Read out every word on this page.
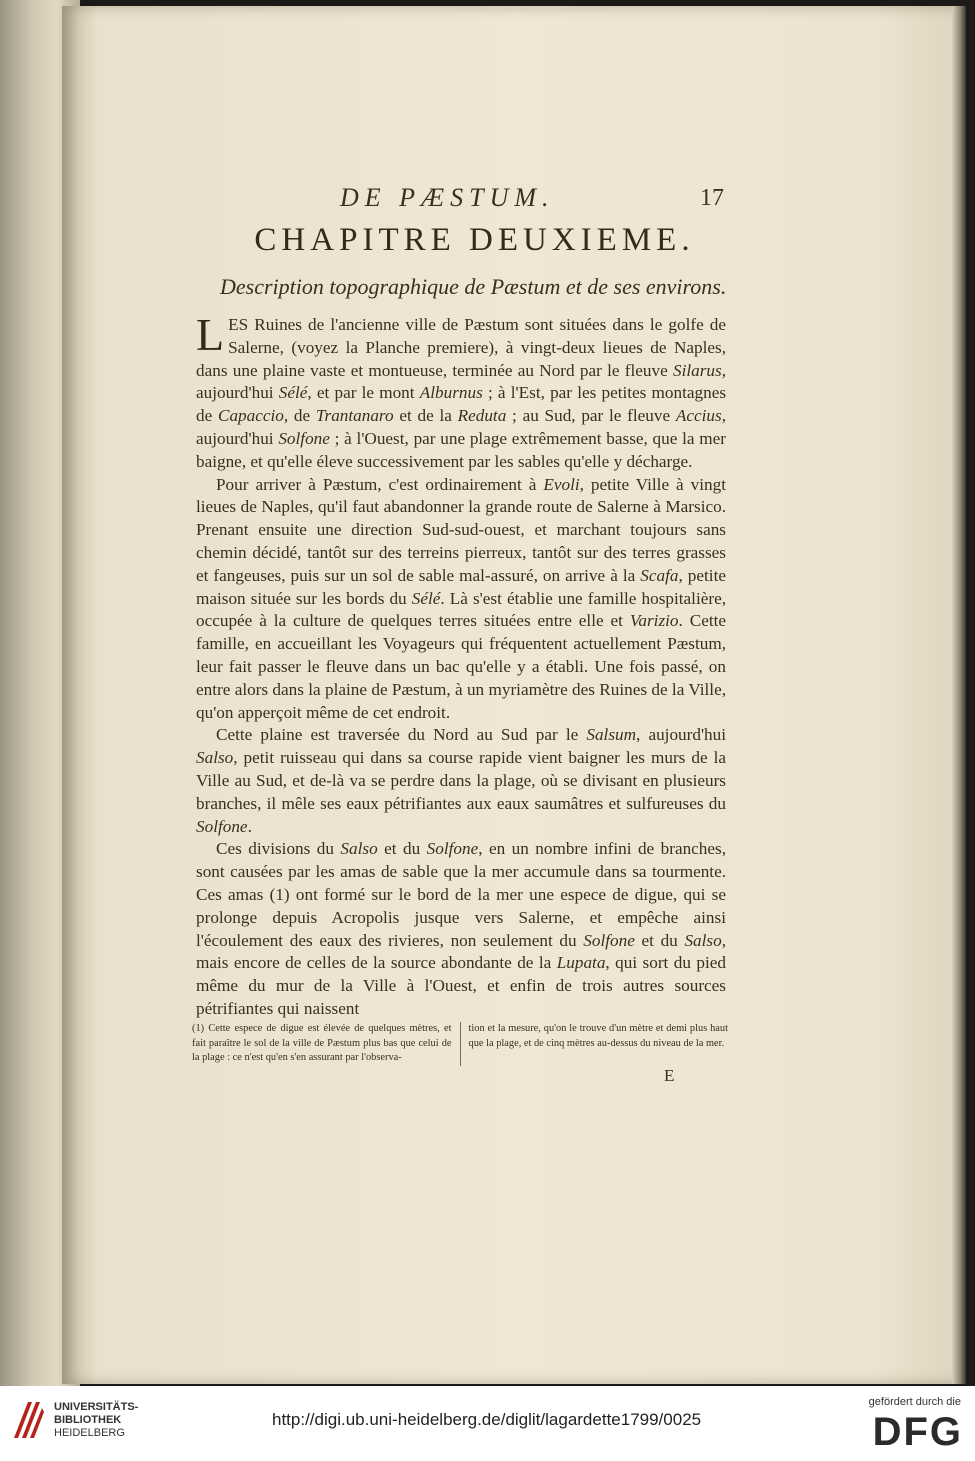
DE PÆSTUM.	17
CHAPITRE DEUXIEME.
Description topographique de Pæstum et de ses environs.

LES Ruines de l'ancienne ville de Pæstum sont situées dans le golfe de Salerne, (voyez la Planche premiere), à vingt-deux lieues de Naples, dans une plaine vaste et montueuse, terminée au Nord par le fleuve Silarus, aujourd'hui Sélé, et par le mont Alburnus ; à l'Est, par les petites montagnes de Capaccio, de Trantanaro et de la Reduta ; au Sud, par le fleuve Accius, aujourd'hui Solfone ; à l'Ouest, par une plage extrêmement basse, que la mer baigne, et qu'elle éleve successivement par les sables qu'elle y décharge.

Pour arriver à Pæstum, c'est ordinairement à Evoli, petite Ville à vingt lieues de Naples, qu'il faut abandonner la grande route de Salerne à Marsico. Prenant ensuite une direction Sud-sud-ouest, et marchant toujours sans chemin décidé, tantôt sur des terreins pierreux, tantôt sur des terres grasses et fangeuses, puis sur un sol de sable mal-assuré, on arrive à la Scafa, petite maison située sur les bords du Sélé. Là s'est établie une famille hospitalière, occupée à la culture de quelques terres situées entre elle et Varizio. Cette famille, en accueillant les Voyageurs qui fréquentent actuellement Pæstum, leur fait passer le fleuve dans un bac qu'elle y a établi. Une fois passé, on entre alors dans la plaine de Pæstum, à un myriamètre des Ruines de la Ville, qu'on apperçoit même de cet endroit.

Cette plaine est traversée du Nord au Sud par le Salsum, aujourd'hui Salso, petit ruisseau qui dans sa course rapide vient baigner les murs de la Ville au Sud, et de-là va se perdre dans la plage, où se divisant en plusieurs branches, il mêle ses eaux pétrifiantes aux eaux saumâtres et sulfureuses du Solfone.

Ces divisions du Salso et du Solfone, en un nombre infini de branches, sont causées par les amas de sable que la mer accumule dans sa tourmente. Ces amas (1) ont formé sur le bord de la mer une espece de digue, qui se prolonge depuis Acropolis jusque vers Salerne, et empêche ainsi l'écoulement des eaux des rivieres, non seulement du Solfone et du Salso, mais encore de celles de la source abondante de la Lupata, qui sort du pied même du mur de la Ville à l'Ouest, et enfin de trois autres sources pétrifiantes qui naissent

(1) Cette espece de digue est élevée de quelques mètres, et fait paraître le sol de la ville de Pæstum plus bas que celui de la plage : ce n'est qu'en s'en assurant par l'observa-
tion et la mesure, qu'on le trouve d'un mètre et demi plus haut que la plage, et de cinq mètres au-dessus du niveau de la mer.
E
UNIVERSITÄTS-
BIBLIOTHEK
HEIDELBERG
http://digi.ub.uni-heidelberg.de/diglit/lagardette1799/0025
gefördert durch die
DFG
